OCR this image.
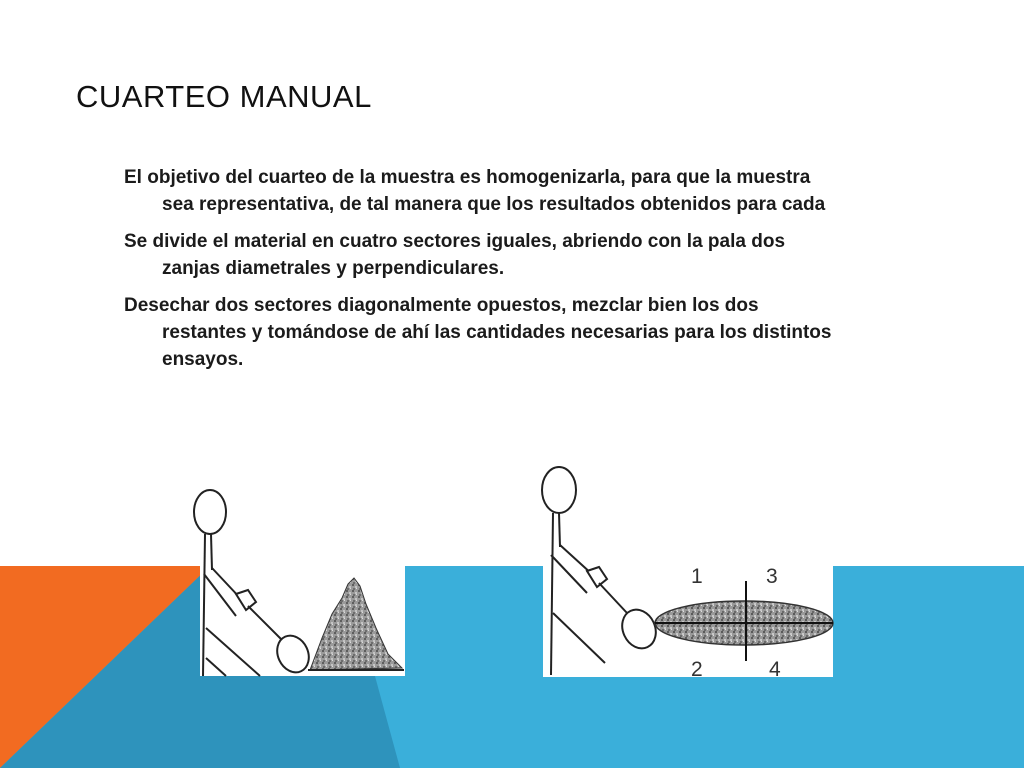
CUARTEO MANUAL
El objetivo del cuarteo de la muestra es homogenizarla, para que la muestra sea representativa, de tal manera que los resultados obtenidos para cada
Se divide el material en cuatro sectores iguales, abriendo con la pala dos zanjas diametrales y perpendiculares.
Desechar dos sectores diagonalmente opuestos, mezclar bien los dos restantes y tomándose de ahí las cantidades necesarias para los distintos ensayos.
1	3
2	4
